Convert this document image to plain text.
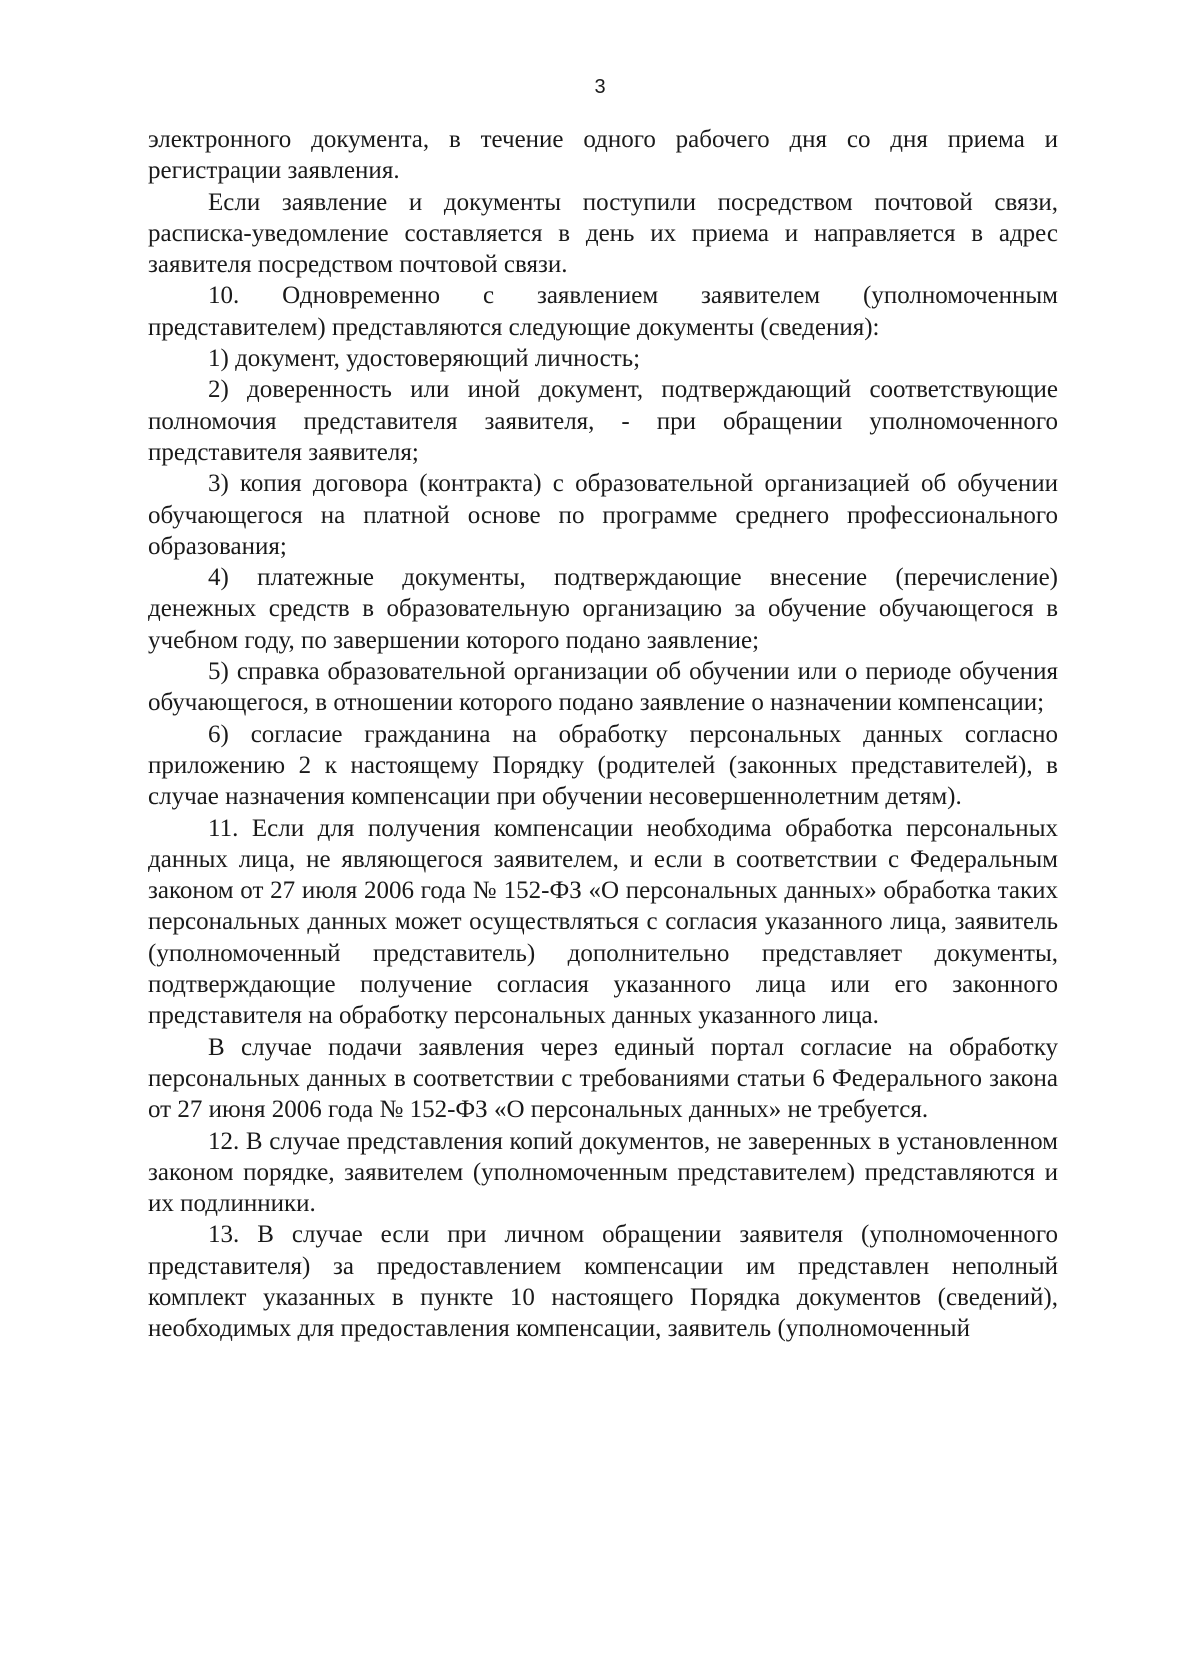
3

электронного документа, в течение одного рабочего дня со дня приема и регистрации заявления.

Если заявление и документы поступили посредством почтовой связи, расписка-уведомление составляется в день их приема и направляется в адрес заявителя посредством почтовой связи.

10. Одновременно с заявлением заявителем (уполномоченным представителем) представляются следующие документы (сведения):

1) документ, удостоверяющий личность;

2) доверенность или иной документ, подтверждающий соответствующие полномочия представителя заявителя, - при обращении уполномоченного представителя заявителя;

3) копия договора (контракта) с образовательной организацией об обучении обучающегося на платной основе по программе среднего профессионального образования;

4) платежные документы, подтверждающие внесение (перечисление) денежных средств в образовательную организацию за обучение обучающегося в учебном году, по завершении которого подано заявление;

5) справка образовательной организации об обучении или о периоде обучения обучающегося, в отношении которого подано заявление о назначении компенсации;

6) согласие гражданина на обработку персональных данных согласно приложению 2 к настоящему Порядку (родителей (законных представителей), в случае назначения компенсации при обучении несовершеннолетним детям).

11. Если для получения компенсации необходима обработка персональных данных лица, не являющегося заявителем, и если в соответствии с Федеральным законом от 27 июля 2006 года № 152-ФЗ «О персональных данных» обработка таких персональных данных может осуществляться с согласия указанного лица, заявитель (уполномоченный представитель) дополнительно представляет документы, подтверждающие получение согласия указанного лица или его законного представителя на обработку персональных данных указанного лица.

В случае подачи заявления через единый портал согласие на обработку персональных данных в соответствии с требованиями статьи 6 Федерального закона от 27 июня 2006 года № 152-ФЗ «О персональных данных» не требуется.

12. В случае представления копий документов, не заверенных в установленном законом порядке, заявителем (уполномоченным представителем) представляются и их подлинники.

13. В случае если при личном обращении заявителя (уполномоченного представителя) за предоставлением компенсации им представлен неполный комплект указанных в пункте 10 настоящего Порядка документов (сведений), необходимых для предоставления компенсации, заявитель (уполномоченный
